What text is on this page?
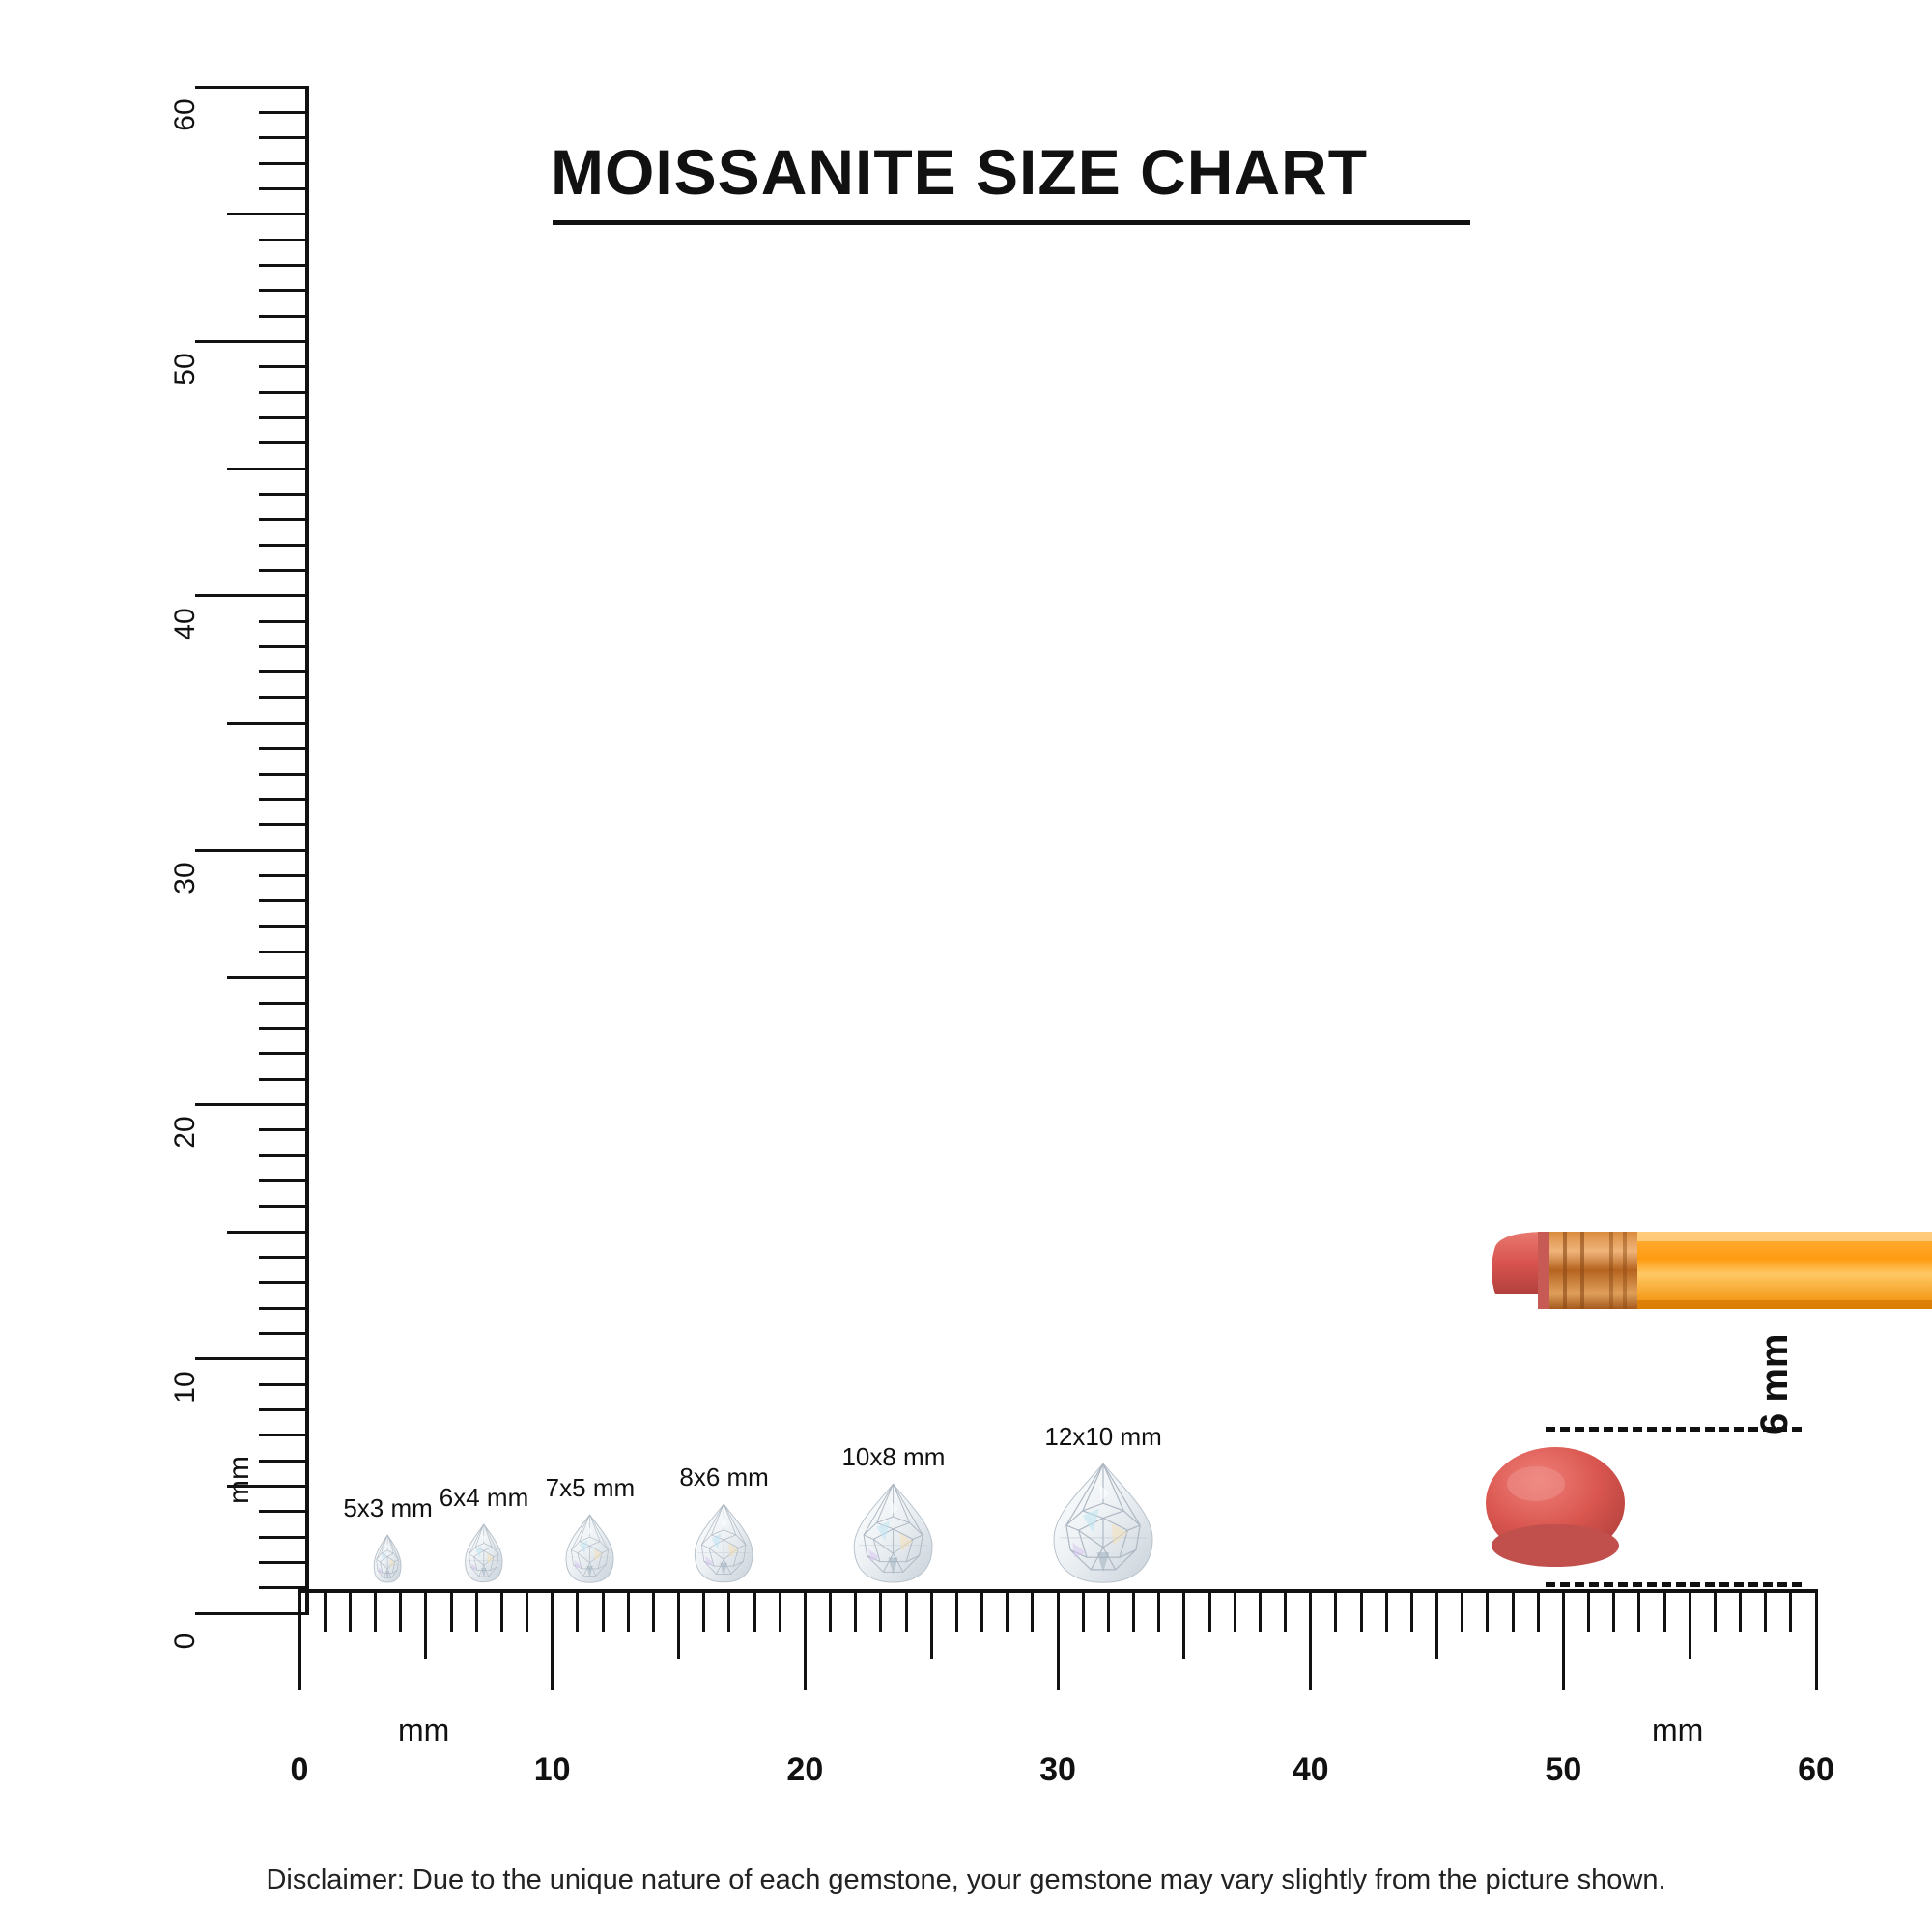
MOISSANITE SIZE CHART
0
10
20
30
40
50
60
mm
0	10	20	30	40	50	60
mm	mm
5x3 mm 6x4 mm 7x5 mm 8x6 mm
10x8 mm
12x10 mm
6 mm
Disclaimer: Due to the unique nature of each gemstone, your gemstone may vary slightly from the picture shown.
